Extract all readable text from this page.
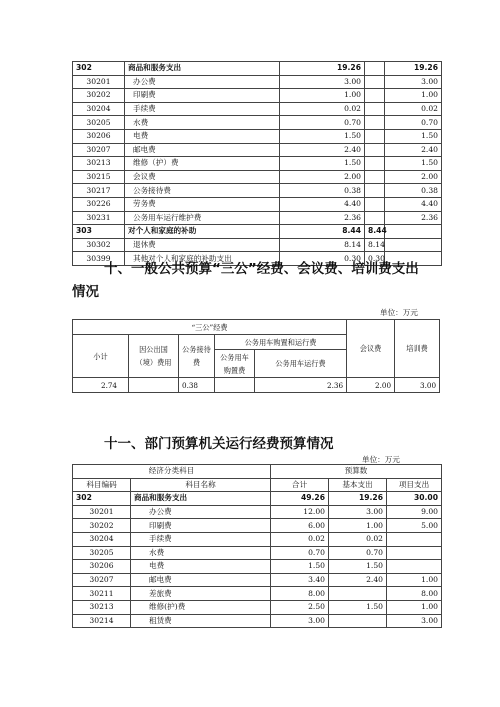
302	商品和服务支出	19.26		19.26
30201	办公费	3.00		3.00
30202	印刷费	1.00		1.00
30204	手续费	0.02		0.02
30205	水费	0.70		0.70
30206	电费	1.50		1.50
30207	邮电费	2.40		2.40
30213	维修（护）费	1.50		1.50
30215	会议费	2.00		2.00
30217	公务接待费	0.38		0.38
30226	劳务费	4.40		4.40
30231	公务用车运行维护费	2.36		2.36
303	对个人和家庭的补助	8.44	8.44	
30302	退休费	8.14	8.14	
30399	其他对个人和家庭的补助支出	0.30	0.30	
十、一般公共预算“三公”经费、会议费、培训费支出
情况
单位：万元
“三公”经费					会议费	培训费
小计	因公出国（境）费用	公务接待费	公务用车购置和运行费			
			公务用车购置费	公务用车运行费		
2.74		0.38		2.36	2.00	3.00
十一、部门预算机关运行经费预算情况
单位：万元
经济分类科目		预算数		
科目编码	科目名称	合计	基本支出	项目支出
302	商品和服务支出	49.26	19.26	30.00
30201	办公费	12.00	3.00	9.00
30202	印刷费	6.00	1.00	5.00
30204	手续费	0.02	0.02	
30205	水费	0.70	0.70	
30206	电费	1.50	1.50	
30207	邮电费	3.40	2.40	1.00
30211	差旅费	8.00		8.00
30213	维修(护)费	2.50	1.50	1.00
30214	租赁费	3.00		3.00
